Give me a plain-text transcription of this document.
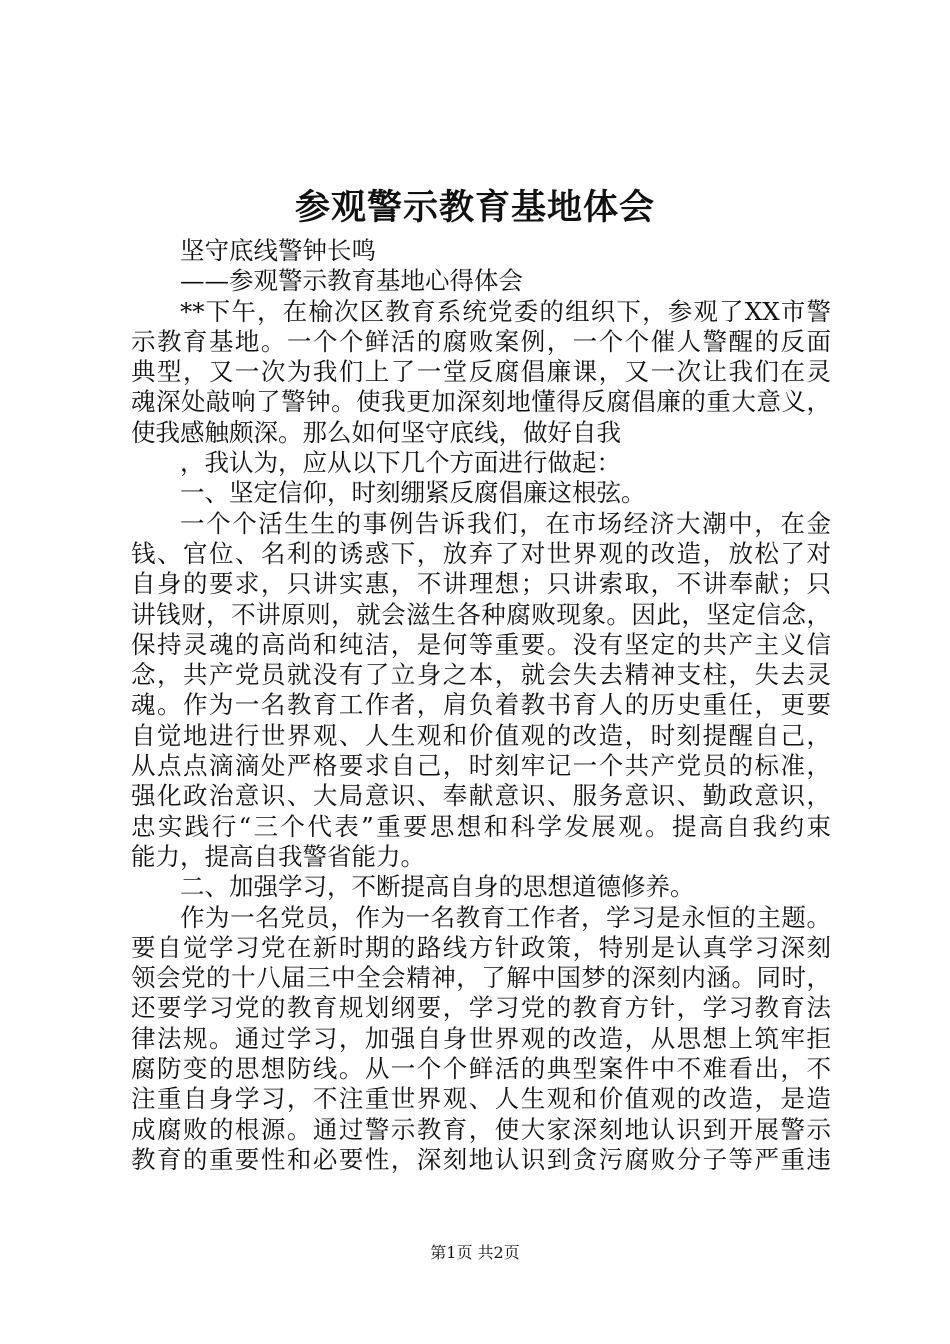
参观警示教育基地体会
坚守底线警钟长鸣
——参观警示教育基地心得体会
**下午，在榆次区教育系统党委的组织下，参观了XX市警
示教育基地。一个个鲜活的腐败案例，一个个催人警醒的反面
典型，又一次为我们上了一堂反腐倡廉课，又一次让我们在灵
魂深处敲响了警钟。使我更加深刻地懂得反腐倡廉的重大意义，
使我感触颇深。那么如何坚守底线，做好自我
，我认为，应从以下几个方面进行做起：
一、坚定信仰，时刻绷紧反腐倡廉这根弦。
一个个活生生的事例告诉我们，在市场经济大潮中，在金
钱、官位、名利的诱惑下，放弃了对世界观的改造，放松了对
自身的要求，只讲实惠，不讲理想；只讲索取，不讲奉献；只
讲钱财，不讲原则，就会滋生各种腐败现象。因此，坚定信念，
保持灵魂的高尚和纯洁，是何等重要。没有坚定的共产主义信
念，共产党员就没有了立身之本，就会失去精神支柱，失去灵
魂。作为一名教育工作者，肩负着教书育人的历史重任，更要
自觉地进行世界观、人生观和价值观的改造，时刻提醒自己，
从点点滴滴处严格要求自己，时刻牢记一个共产党员的标准，
强化政治意识、大局意识、奉献意识、服务意识、勤政意识，
忠实践行“三个代表”重要思想和科学发展观。提高自我约束
能力，提高自我警省能力。
二、加强学习，不断提高自身的思想道德修养。
作为一名党员，作为一名教育工作者，学习是永恒的主题。
要自觉学习党在新时期的路线方针政策，特别是认真学习深刻
领会党的十八届三中全会精神，了解中国梦的深刻内涵。同时，
还要学习党的教育规划纲要，学习党的教育方针，学习教育法
律法规。通过学习，加强自身世界观的改造，从思想上筑牢拒
腐防变的思想防线。从一个个鲜活的典型案件中不难看出，不
注重自身学习，不注重世界观、人生观和价值观的改造，是造
成腐败的根源。通过警示教育，使大家深刻地认识到开展警示
教育的重要性和必要性，深刻地认识到贪污腐败分子等严重违
第1页 共2页
